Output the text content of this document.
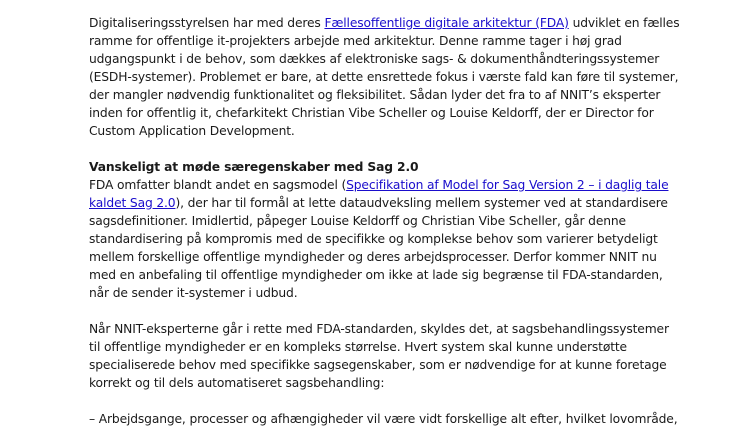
Digitaliseringsstyrelsen har med deres Fællesoffentlige digitale arkitektur (FDA) udviklet en fælles
ramme for offentlige it-projekters arbejde med arkitektur. Denne ramme tager i høj grad
udgangspunkt i de behov, som dækkes af elektroniske sags- & dokumenthåndteringssystemer
(ESDH-systemer). Problemet er bare, at dette ensrettede fokus i værste fald kan føre til systemer,
der mangler nødvendig funktionalitet og fleksibilitet. Sådan lyder det fra to af NNIT’s eksperter
inden for offentlig it, chefarkitekt Christian Vibe Scheller og Louise Keldorff, der er Director for
Custom Application Development.

Vanskeligt at møde særegenskaber med Sag 2.0

FDA omfatter blandt andet en sagsmodel (Specifikation af Model for Sag Version 2 – i daglig tale
kaldet Sag 2.0), der har til formål at lette dataudveksling mellem systemer ved at standardisere
sagsdefinitioner. Imidlertid, påpeger Louise Keldorff og Christian Vibe Scheller, går denne
standardisering på kompromis med de specifikke og komplekse behov som varierer betydeligt
mellem forskellige offentlige myndigheder og deres arbejdsprocesser. Derfor kommer NNIT nu
med en anbefaling til offentlige myndigheder om ikke at lade sig begrænse til FDA-standarden,
når de sender it-systemer i udbud.

Når NNIT-eksperterne går i rette med FDA-standarden, skyldes det, at sagsbehandlingssystemer
til offentlige myndigheder er en kompleks størrelse. Hvert system skal kunne understøtte
specialiserede behov med specifikke sagsegenskaber, som er nødvendige for at kunne foretage
korrekt og til dels automatiseret sagsbehandling:

– Arbejdsgange, processer og afhængigheder vil være vidt forskellige alt efter, hvilket lovområde,
